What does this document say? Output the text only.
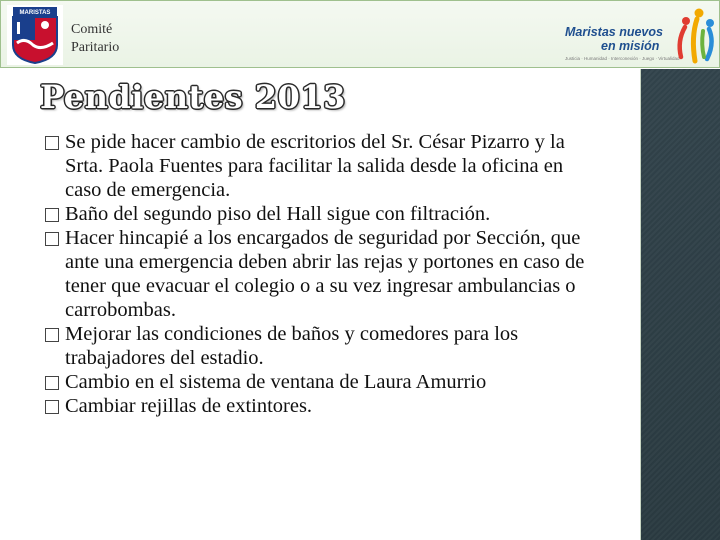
MARISTAS
Comité
Paritario
Maristas nuevos
en misión
Justicia · Humanidad · Interconexión · Juego · Virtualidad
Pendientes 2013
Se pide hacer cambio de escritorios del Sr. César Pizarro y la Srta. Paola Fuentes para facilitar la salida desde la oficina en caso de emergencia.
Baño del segundo piso del Hall sigue con filtración.
Hacer hincapié a los encargados de seguridad por Sección, que ante una emergencia deben abrir las rejas y portones en caso de tener que evacuar el colegio o a su vez ingresar ambulancias o carrobombas.
Mejorar las condiciones de baños y comedores para los trabajadores del estadio.
Cambio en el sistema de ventana de Laura Amurrio
Cambiar rejillas de extintores.
